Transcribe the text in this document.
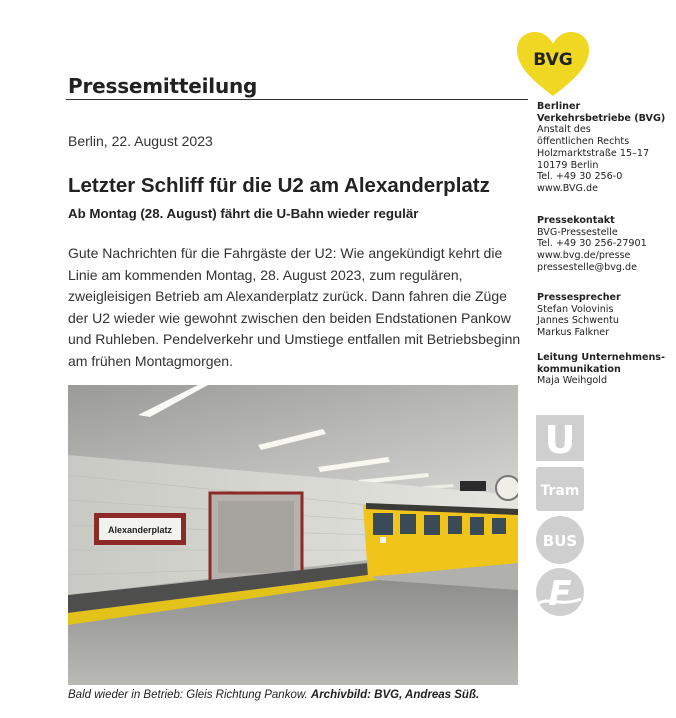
Pressemitteilung
BVG
Berlin, 22. August 2023
Letzter Schliff für die U2 am Alexanderplatz
Ab Montag (28. August) fährt die U-Bahn wieder regulär
Gute Nachrichten für die Fahrgäste der U2: Wie angekündigt kehrt die Linie am kommenden Montag, 28. August 2023, zum regulären, zweigleisigen Betrieb am Alexanderplatz zurück. Dann fahren die Züge der U2 wieder wie gewohnt zwischen den beiden Endstationen Pankow und Ruhleben. Pendelverkehr und Umstiege entfallen mit Betriebsbeginn am frühen Montagmorgen.
Alexanderplatz
Bald wieder in Betrieb: Gleis Richtung Pankow. Archivbild: BVG, Andreas Süß.
Berliner
Verkehrsbetriebe (BVG)
Anstalt des
öffentlichen Rechts
Holzmarktstraße 15–17
10179 Berlin
Tel. +49 30 256-0
www.BVG.de
Pressekontakt
BVG-Pressestelle
Tel. +49 30 256-27901
www.bvg.de/presse
pressestelle@bvg.de
Pressesprecher
Stefan Volovinis
Jannes Schwentu
Markus Falkner
Leitung Unternehmens-
kommunikation
Maja Weihgold
U
Tram
BUS
F
